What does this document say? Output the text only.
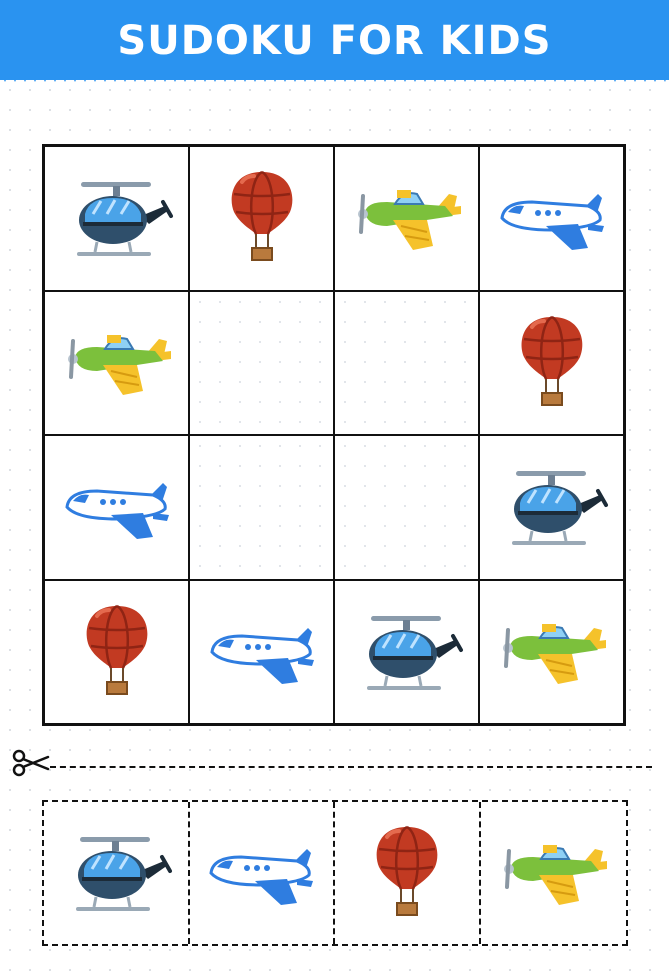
SUDOKU FOR KIDS
